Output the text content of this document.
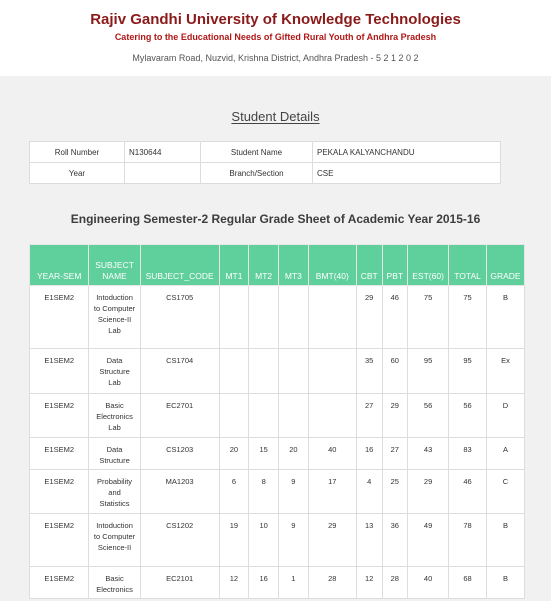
Rajiv Gandhi University of Knowledge Technologies
Catering to the Educational Needs of Gifted Rural Youth of Andhra Pradesh
Mylavaram Road, Nuzvid, Krishna District, Andhra Pradesh - 5 2 1 2 0 2
Student Details
Roll Number	N130644	Student Name	PEKALA KALYANCHANDU
Year		Branch/Section	CSE
Engineering Semester-2 Regular Grade Sheet of Academic Year 2015-16
YEAR-SEM	SUBJECT NAME	SUBJECT_CODE	MT1	MT2	MT3	BMT(40)	CBT	PBT	EST(60)	TOTAL	GRADE
E1SEM2	Intoduction to Computer Science-II Lab	CS1705					29	46	75	75	B
E1SEM2	Data Structure Lab	CS1704					35	60	95	95	Ex
E1SEM2	Basic Electronics Lab	EC2701					27	29	56	56	D
E1SEM2	Data Structure	CS1203	20	15	20	40	16	27	43	83	A
E1SEM2	Probability and Statistics	MA1203	6	8	9	17	4	25	29	46	C
E1SEM2	Intoduction to Computer Science-II	CS1202	19	10	9	29	13	36	49	78	B
E1SEM2	Basic Electronics	EC2101	12	16	1	28	12	28	40	68	B
